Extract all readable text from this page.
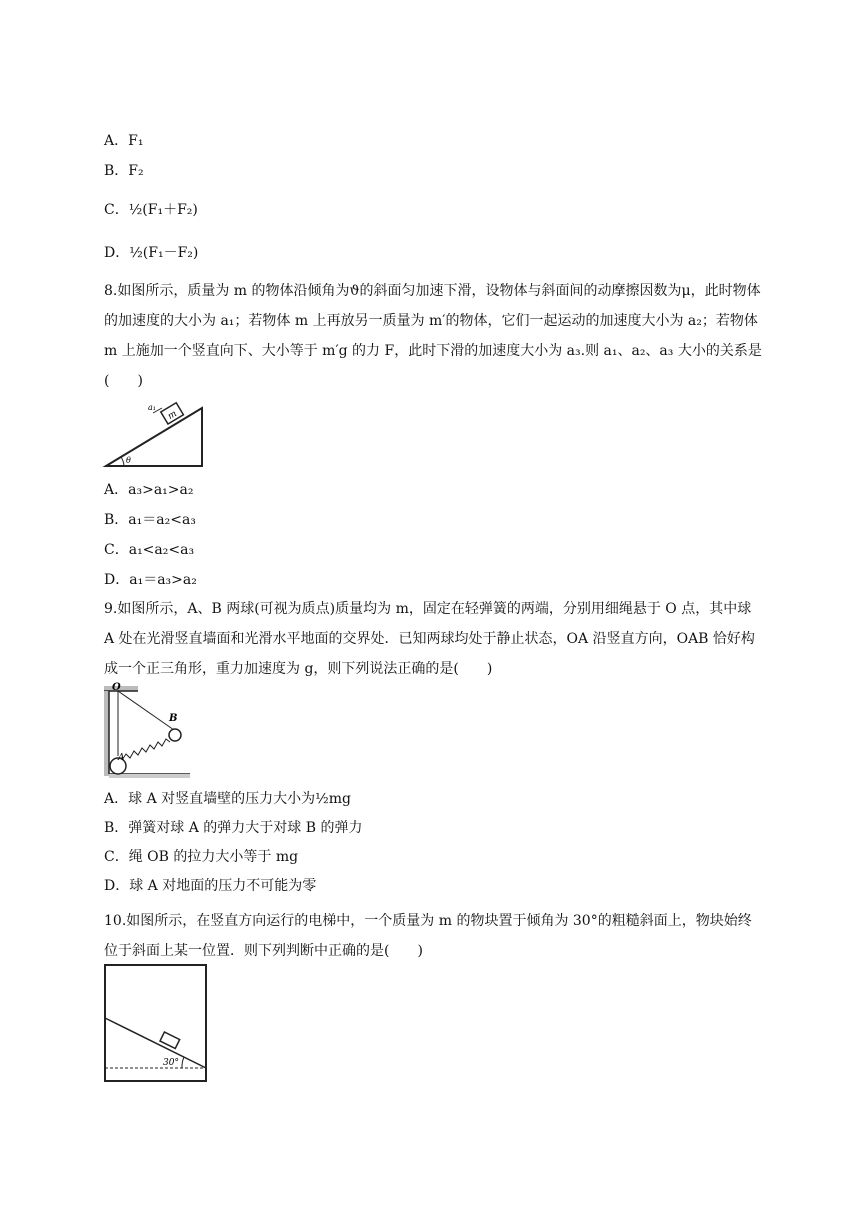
A．F₁
B．F₂
C．½(F₁＋F₂)
D．½(F₁－F₂)
8.如图所示，质量为 m 的物体沿倾角为ϑ的斜面匀加速下滑，设物体与斜面间的动摩擦因数为μ，此时物体的加速度的大小为 a₁；若物体 m 上再放另一质量为 m′的物体，它们一起运动的加速度大小为 a₂；若物体 m 上施加一个竖直向下、大小等于 m′g 的力 F，此时下滑的加速度大小为 a₃.则 a₁、a₂、a₃ 大小的关系是(　　)
m
a₁
θ
A．a₃>a₁>a₂
B．a₁＝a₂<a₃
C．a₁<a₂<a₃
D．a₁＝a₃>a₂
9.如图所示，A、B 两球(可视为质点)质量均为 m，固定在轻弹簧的两端，分别用细绳悬于 O 点，其中球 A 处在光滑竖直墙面和光滑水平地面的交界处．已知两球均处于静止状态，OA 沿竖直方向，OAB 恰好构成一个正三角形，重力加速度为 g，则下列说法正确的是(　　)
O
A
B
A．球 A 对竖直墙壁的压力大小为½mg
B．弹簧对球 A 的弹力大于对球 B 的弹力
C．绳 OB 的拉力大小等于 mg
D．球 A 对地面的压力不可能为零
10.如图所示，在竖直方向运行的电梯中，一个质量为 m 的物块置于倾角为 30°的粗糙斜面上，物块始终位于斜面上某一位置．则下列判断中正确的是(　　)
30°
